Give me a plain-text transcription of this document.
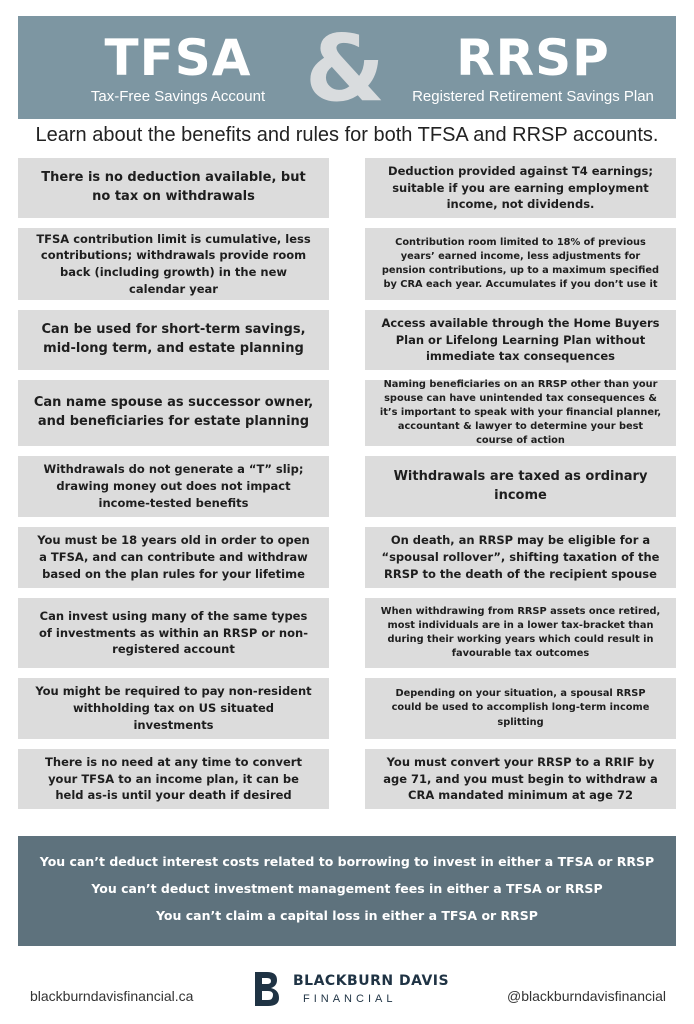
TFSA
Tax-Free Savings Account &	RRSP
Registered Retirement Savings Plan
Learn about the benefits and rules for both TFSA and RRSP accounts.
There is no deduction available, but no tax on withdrawals
Deduction provided against T4 earnings; suitable if you are earning employment income, not dividends.
TFSA contribution limit is cumulative, less contributions; withdrawals provide room back (including growth) in the new calendar year
Contribution room limited to 18% of previous years’ earned income, less adjustments for pension contributions, up to a maximum specified by CRA each year. Accumulates if you don’t use it
Can be used for short-term savings, mid-long term, and estate planning
Access available through the Home Buyers Plan or Lifelong Learning Plan without immediate tax consequences
Can name spouse as successor owner, and beneficiaries for estate planning
Naming beneficiaries on an RRSP other than your spouse can have unintended tax consequences & it’s important to speak with your financial planner, accountant & lawyer to determine your best course of action
Withdrawals do not generate a “T” slip; drawing money out does not impact income-tested benefits
Withdrawals are taxed as ordinary income
You must be 18 years old in order to open a TFSA, and can contribute and withdraw based on the plan rules for your lifetime
On death, an RRSP may be eligible for a “spousal rollover”, shifting taxation of the RRSP to the death of the recipient spouse
Can invest using many of the same types of investments as within an RRSP or non-registered account
When withdrawing from RRSP assets once retired, most individuals are in a lower tax-bracket than during their working years which could result in favourable tax outcomes
You might be required to pay non-resident withholding tax on US situated investments
Depending on your situation, a spousal RRSP could be used to accomplish long-term income splitting
There is no need at any time to convert your TFSA to an income plan, it can be held as-is until your death if desired
You must convert your RRSP to a RRIF by age 71, and you must begin to withdraw a CRA mandated minimum at age 72
You can’t deduct interest costs related to borrowing to invest in either a TFSA or RRSP
You can’t deduct investment management fees in either a TFSA or RRSP
You can’t claim a capital loss in either a TFSA or RRSP
blackburndavisfinancial.ca
BLACKBURN DAVIS
FINANCIAL	@blackburndavisfinancial
